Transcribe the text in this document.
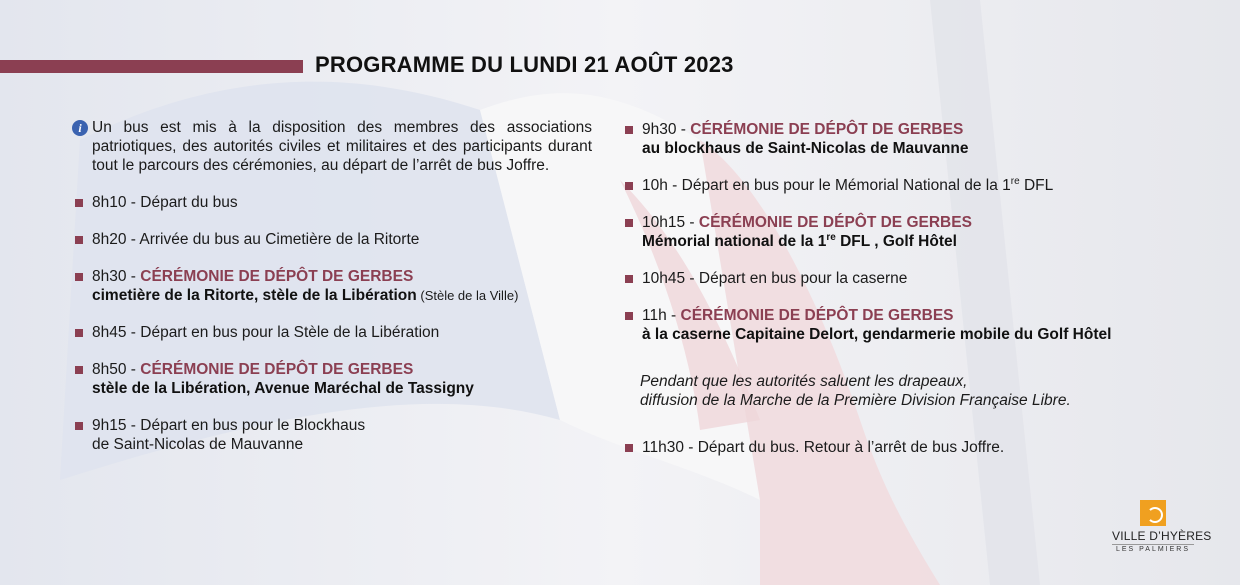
PROGRAMME DU LUNDI 21 AOÛT 2023
i Un bus est mis à la disposition des membres des associations patriotiques, des autorités civiles et militaires et des participants durant tout le parcours des cérémonies, au départ de l’arrêt de bus Joffre.
8h10 - Départ du bus
8h20 - Arrivée du bus au Cimetière de la Ritorte
8h30 - CÉRÉMONIE DE DÉPÔT DE GERBES
cimetière de la Ritorte, stèle de la Libération (Stèle de la Ville)
8h45 - Départ en bus pour la Stèle de la Libération
8h50 - CÉRÉMONIE DE DÉPÔT DE GERBES
stèle de la Libération, Avenue Maréchal de Tassigny
9h15 - Départ en bus pour le Blockhaus
de Saint-Nicolas de Mauvanne
9h30 - CÉRÉMONIE DE DÉPÔT DE GERBES
au blockhaus de Saint-Nicolas de Mauvanne
10h - Départ en bus pour le Mémorial National de la 1re DFL
10h15 - CÉRÉMONIE DE DÉPÔT DE GERBES
Mémorial national de la 1re DFL , Golf Hôtel
10h45 - Départ en bus pour la caserne
11h - CÉRÉMONIE DE DÉPÔT DE GERBES
à la caserne Capitaine Delort, gendarmerie mobile du Golf Hôtel
Pendant que les autorités saluent les drapeaux,
diffusion de la Marche de la Première Division Française Libre.
11h30 - Départ du bus. Retour à l’arrêt de bus Joffre.
VILLE D’HYÈRES
LES PALMIERS
